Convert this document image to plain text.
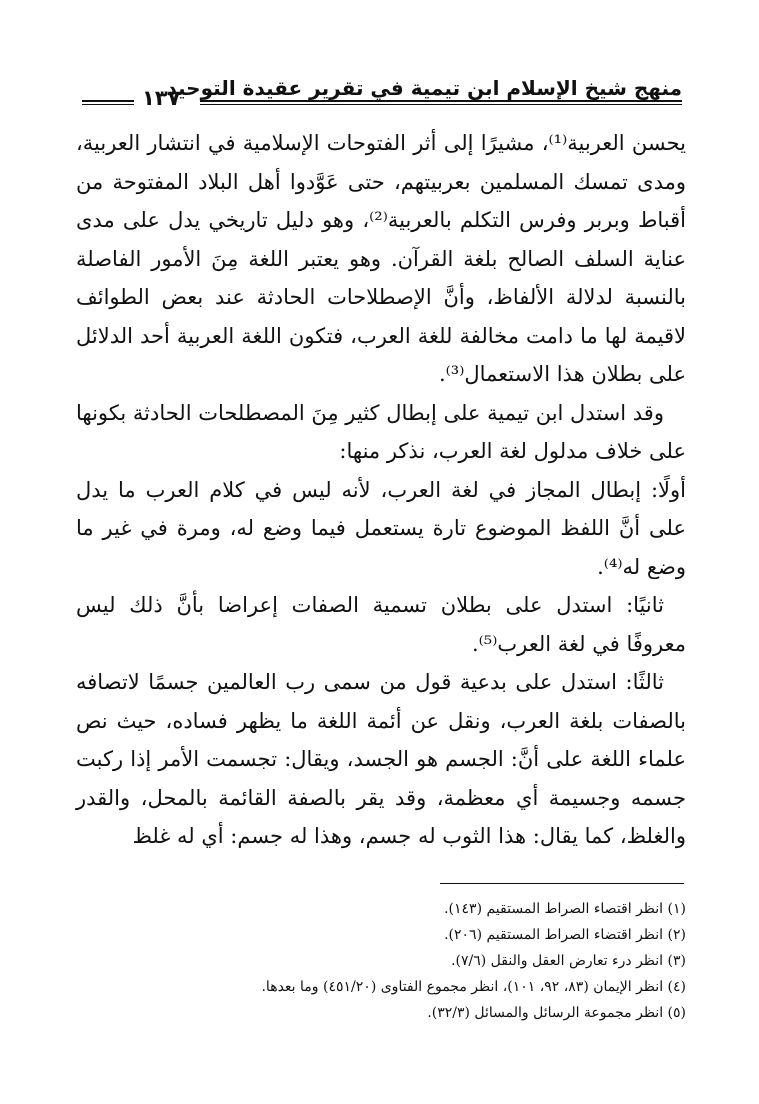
منهج شيخ الإسلام ابن تيمية في تقرير عقيدة التوحيد
١٣٧

يحسن العربية⁽¹⁾، مشيرًا إلى أثر الفتوحات الإسلامية في انتشار العربية، ومدى تمسك المسلمين بعربيتهم، حتى عَوَّدوا أهل البلاد المفتوحة من أقباط وبربر وفرس التكلم بالعربية⁽²⁾، وهو دليل تاريخي يدل على مدى عناية السلف الصالح بلغة القرآن. وهو يعتبر اللغة مِنَ الأمور الفاصلة بالنسبة لدلالة الألفاظ، وأنَّ الإصطلاحات الحادثة عند بعض الطوائف لاقيمة لها ما دامت مخالفة للغة العرب، فتكون اللغة العربية أحد الدلائل على بطلان هذا الاستعمال⁽³⁾.

وقد استدل ابن تيمية على إبطال كثير مِنَ المصطلحات الحادثة بكونها على خلاف مدلول لغة العرب، نذكر منها:

أولًا: إبطال المجاز في لغة العرب، لأنه ليس في كلام العرب ما يدل على أنَّ اللفظ الموضوع تارة يستعمل فيما وضع له، ومرة في غير ما وضع له⁽⁴⁾.

ثانيًا: استدل على بطلان تسمية الصفات إعراضا بأنَّ ذلك ليس معروفًا في لغة العرب⁽⁵⁾.

ثالثًا: استدل على بدعية قول من سمى رب العالمين جسمًا لاتصافه بالصفات بلغة العرب، ونقل عن أئمة اللغة ما يظهر فساده، حيث نص علماء اللغة على أنَّ: الجسم هو الجسد، ويقال: تجسمت الأمر إذا ركبت جسمه وجسيمة أي معظمة، وقد يقر بالصفة القائمة بالمحل، والقدر والغلظ، كما يقال: هذا الثوب له جسم، وهذا له جسم: أي له غلظ

(١) انظر اقتصاء الصراط المستقيم (١٤٣).
(٢) انظر اقتضاء الصراط المستقيم (٢٠٦).
(٣) انظر درء تعارض العقل والنقل (٧/٦).
(٤) انظر الإيمان (٨٣، ٩٢، ١٠١)، انظر مجموع الفتاوى (٤٥١/٢٠) وما بعدها.
(٥) انظر مجموعة الرسائل والمسائل (٣٢/٣).
